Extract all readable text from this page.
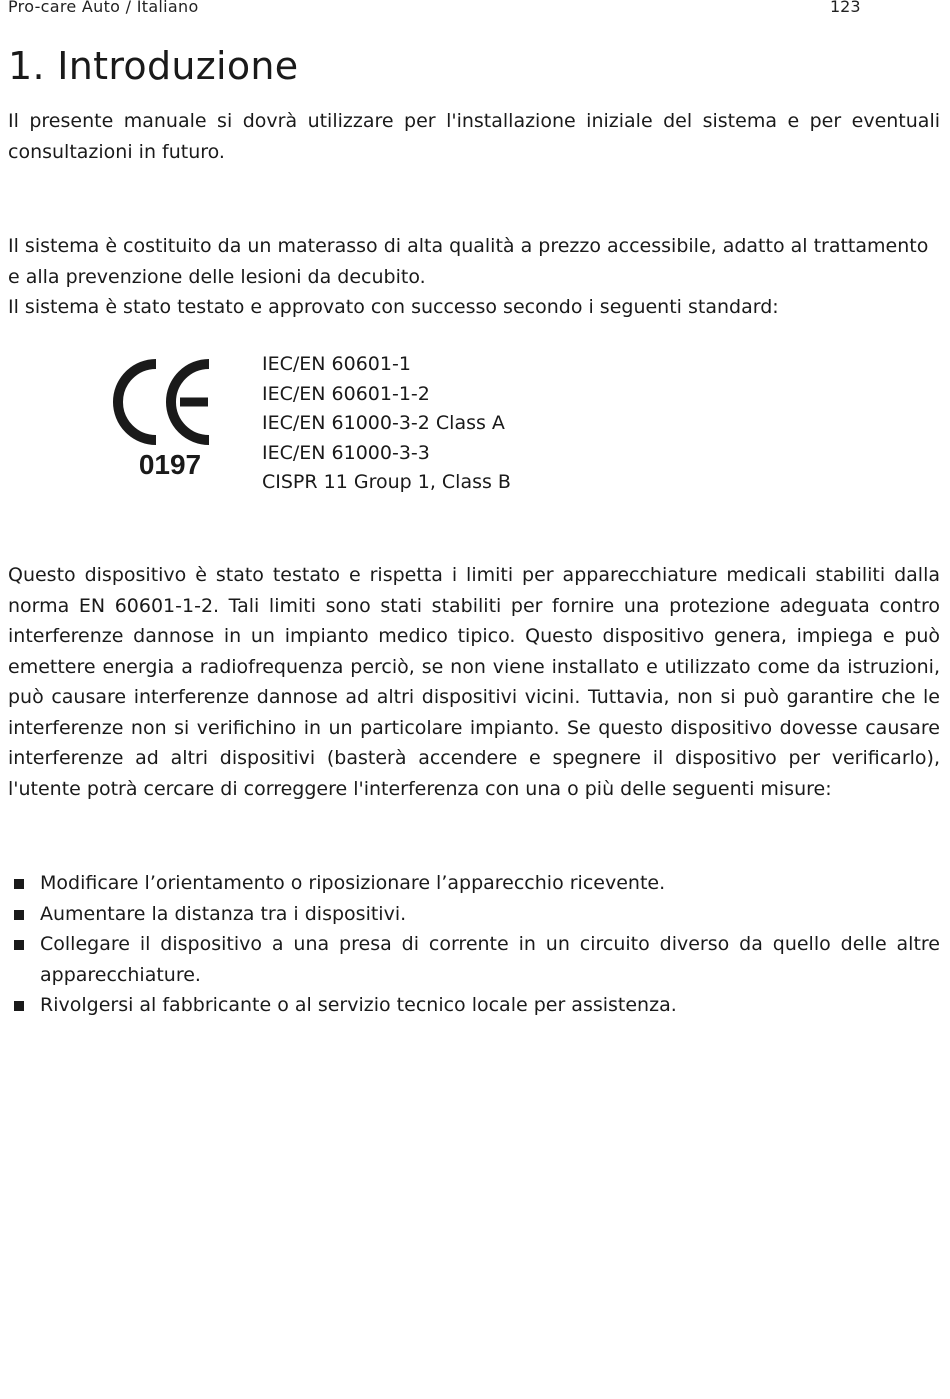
Pro-care Auto / Italiano	123
1. Introduzione

Il presente manuale si dovrà utilizzare per l'installazione iniziale del sistema e per eventuali consultazioni in futuro.

Il sistema è costituito da un materasso di alta qualità a prezzo accessibile, adatto al trattamento e alla prevenzione delle lesioni da decubito.
Il sistema è stato testato e approvato con successo secondo i seguenti standard:
0197
IEC/EN 60601-1
IEC/EN 60601-1-2
IEC/EN 61000-3-2 Class A
IEC/EN 61000-3-3
CISPR 11 Group 1, Class B

Questo dispositivo è stato testato e rispetta i limiti per apparecchiature medicali stabiliti dalla norma EN 60601-1-2. Tali limiti sono stati stabiliti per fornire una protezione adeguata contro interferenze dannose in un impianto medico tipico. Questo dispositivo genera, impiega e può emettere energia a radiofrequenza perciò, se non viene installato e utilizzato come da istruzioni, può causare interferenze dannose ad altri dispositivi vicini. Tuttavia, non si può garantire che le interferenze non si verifichino in un particolare impianto. Se questo dispositivo dovesse causare interferenze ad altri dispositivi (basterà accendere e spegnere il dispositivo per verificarlo), l'utente potrà cercare di correggere l'interferenza con una o più delle seguenti misure:

Modificare l’orientamento o riposizionare l’apparecchio ricevente.
Aumentare la distanza tra i dispositivi.
Collegare il dispositivo a una presa di corrente in un circuito diverso da quello delle altre apparecchiature.
Rivolgersi al fabbricante o al servizio tecnico locale per assistenza.
